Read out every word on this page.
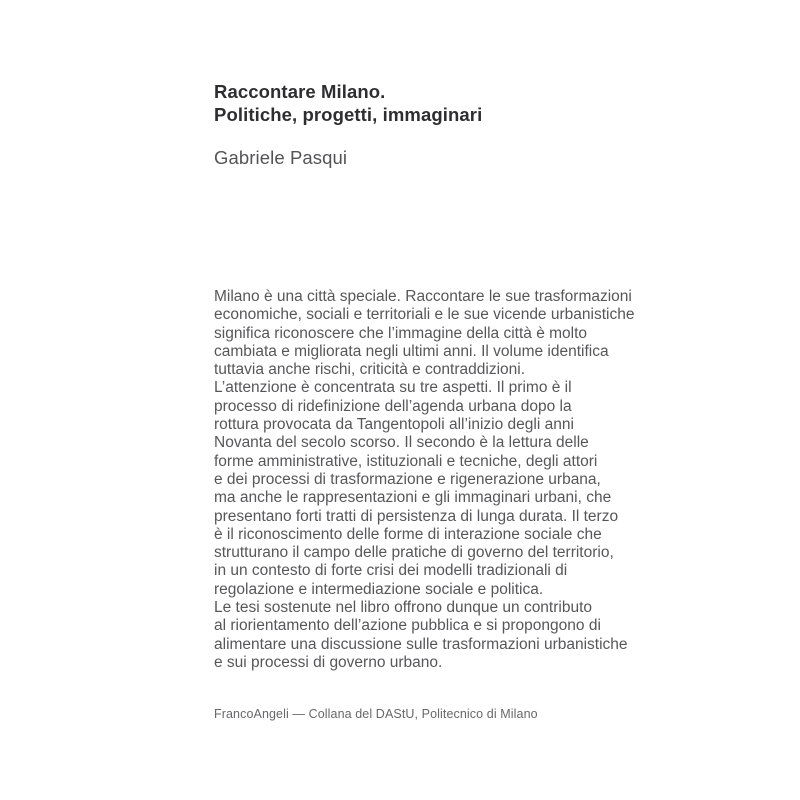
Raccontare Milano.
Politiche, progetti, immaginari
Gabriele Pasqui
Milano è una città speciale. Raccontare le sue trasformazioni
economiche, sociali e territoriali e le sue vicende urbanistiche
significa riconoscere che l’immagine della città è molto
cambiata e migliorata negli ultimi anni. Il volume identifica
tuttavia anche rischi, criticità e contraddizioni.
L’attenzione è concentrata su tre aspetti. Il primo è il
processo di ridefinizione dell’agenda urbana dopo la
rottura provocata da Tangentopoli all’inizio degli anni
Novanta del secolo scorso. Il secondo è la lettura delle
forme amministrative, istituzionali e tecniche, degli attori
e dei processi di trasformazione e rigenerazione urbana,
ma anche le rappresentazioni e gli immaginari urbani, che
presentano forti tratti di persistenza di lunga durata. Il terzo
è il riconoscimento delle forme di interazione sociale che
strutturano il campo delle pratiche di governo del territorio,
in un contesto di forte crisi dei modelli tradizionali di
regolazione e intermediazione sociale e politica.
Le tesi sostenute nel libro offrono dunque un contributo
al riorientamento dell’azione pubblica e si propongono di
alimentare una discussione sulle trasformazioni urbanistiche
e sui processi di governo urbano.
FrancoAngeli — Collana del DAStU, Politecnico di Milano
